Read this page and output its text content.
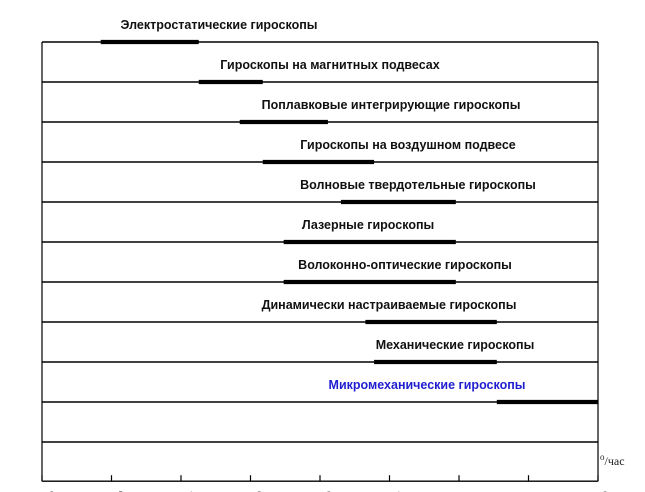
Электростатические гироскопы
Гироскопы на магнитных подвесах
Поплавковые интегрирующие гироскопы
Гироскопы на воздушном подвесе
Волновые твердотельные гироскопы
Лазерные гироскопы
Волоконно-оптические гироскопы
Динамически настраиваемые гироскопы
Механические гироскопы
Микромеханические гироскопы
$^o$/час
